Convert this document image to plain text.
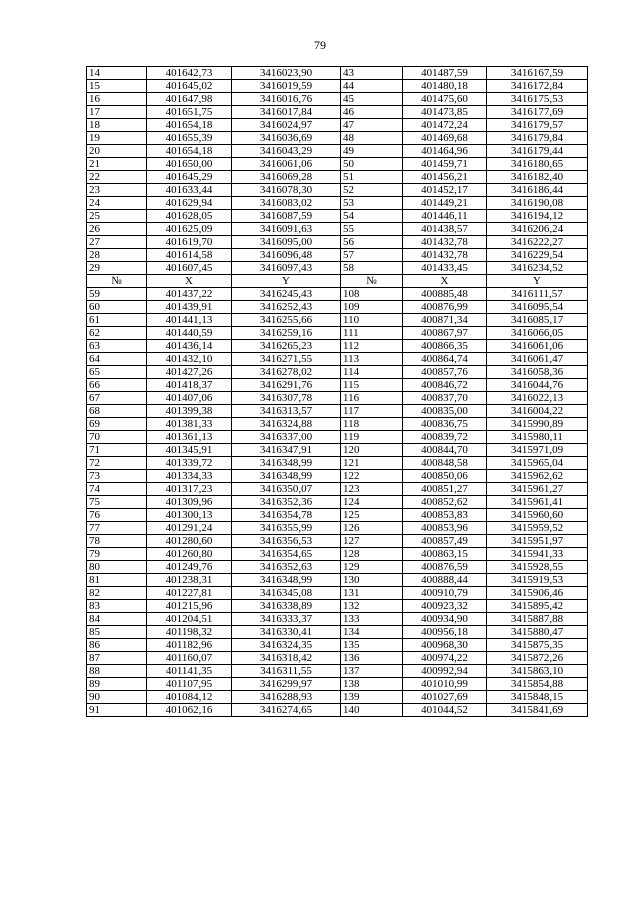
79
14	401642,73	3416023,90	43	401487,59	3416167,59
15	401645,02	3416019,59	44	401480,18	3416172,84
16	401647,98	3416016,76	45	401475,60	3416175,53
17	401651,75	3416017,84	46	401473,85	3416177,69
18	401654,18	3416024,97	47	401472,24	3416179,57
19	401655,39	3416036,69	48	401469,68	3416179,84
20	401654,18	3416043,29	49	401464,96	3416179,44
21	401650,00	3416061,06	50	401459,71	3416180,65
22	401645,29	3416069,28	51	401456,21	3416182,40
23	401633,44	3416078,30	52	401452,17	3416186,44
24	401629,94	3416083,02	53	401449,21	3416190,08
25	401628,05	3416087,59	54	401446,11	3416194,12
26	401625,09	3416091,63	55	401438,57	3416206,24
27	401619,70	3416095,00	56	401432,78	3416222,27
28	401614,58	3416096,48	57	401432,78	3416229,54
29	401607,45	3416097,43	58	401433,45	3416234,52
№	X	Y	№	X	Y
59	401437,22	3416245,43	108	400885,48	3416111,57
60	401439,91	3416252,43	109	400876,99	3416095,54
61	401441,13	3416255,66	110	400871,34	3416085,17
62	401440,59	3416259,16	111	400867,97	3416066,05
63	401436,14	3416265,23	112	400866,35	3416061,06
64	401432,10	3416271,55	113	400864,74	3416061,47
65	401427,26	3416278,02	114	400857,76	3416058,36
66	401418,37	3416291,76	115	400846,72	3416044,76
67	401407,06	3416307,78	116	400837,70	3416022,13
68	401399,38	3416313,57	117	400835,00	3416004,22
69	401381,33	3416324,88	118	400836,75	3415990,89
70	401361,13	3416337,00	119	400839,72	3415980,11
71	401345,91	3416347,91	120	400844,70	3415971,09
72	401339,72	3416348,99	121	400848,58	3415965,04
73	401334,33	3416348,99	122	400850,06	3415962,62
74	401317,23	3416350,07	123	400851,27	3415961,27
75	401309,96	3416352,36	124	400852,62	3415961,41
76	401300,13	3416354,78	125	400853,83	3415960,60
77	401291,24	3416355,99	126	400853,96	3415959,52
78	401280,60	3416356,53	127	400857,49	3415951,97
79	401260,80	3416354,65	128	400863,15	3415941,33
80	401249,76	3416352,63	129	400876,59	3415928,55
81	401238,31	3416348,99	130	400888,44	3415919,53
82	401227,81	3416345,08	131	400910,79	3415906,46
83	401215,96	3416338,89	132	400923,32	3415895,42
84	401204,51	3416333,37	133	400934,90	3415887,88
85	401198,32	3416330,41	134	400956,18	3415880,47
86	401182,96	3416324,35	135	400968,30	3415875,35
87	401160,07	3416318,42	136	400974,22	3415872,26
88	401141,35	3416311,55	137	400992,94	3415863,10
89	401107,95	3416299,97	138	401010,99	3415854,88
90	401084,12	3416288,93	139	401027,69	3415848,15
91	401062,16	3416274,65	140	401044,52	3415841,69
